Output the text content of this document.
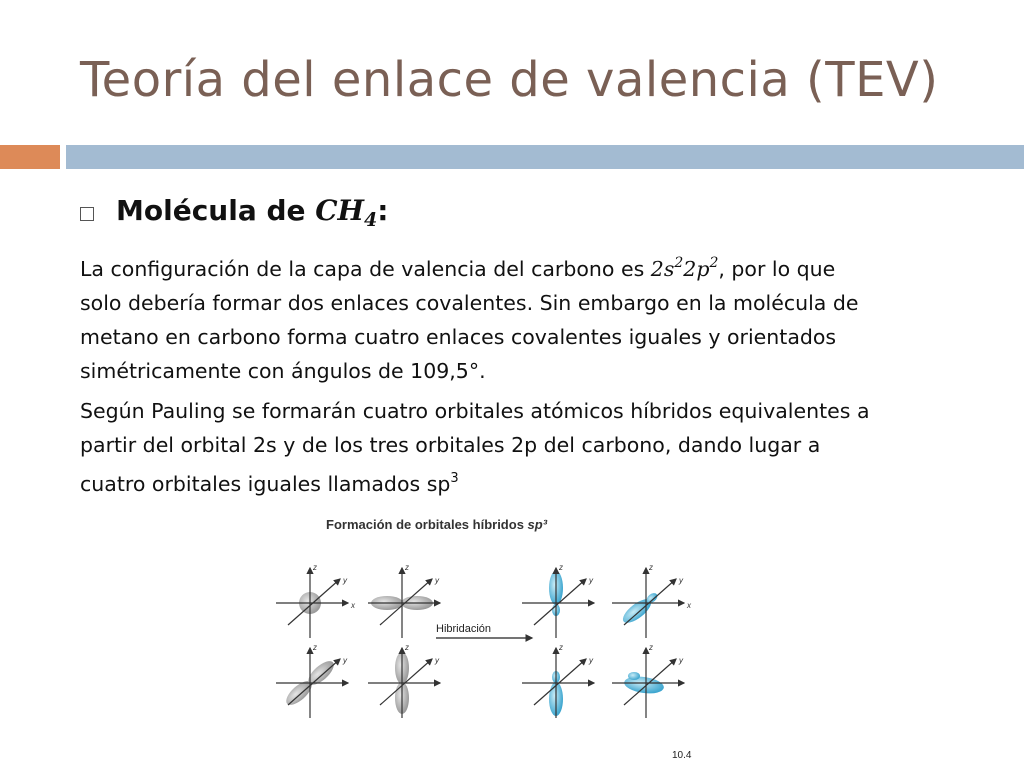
Teoría del enlace de valencia (TEV)
Molécula de $CH_4$:
La configuración de la capa de valencia del carbono es $2s^22p^2$, por lo que
solo debería formar dos enlaces covalentes. Sin embargo en la molécula de
metano en carbono forma cuatro enlaces covalentes iguales y orientados
simétricamente con ángulos de 109,5°.
Según Pauling se formarán cuatro orbitales atómicos híbridos equivalentes a
partir del orbital 2s y de los tres orbitales 2p del carbono, dando lugar a
cuatro orbitales iguales llamados $sp^3$
Formación de orbitales híbridos sp³
z
y
x
z
y
z
y
z
y
z
y
z
y
x
z
y
z
y
Hibridación
10.4
